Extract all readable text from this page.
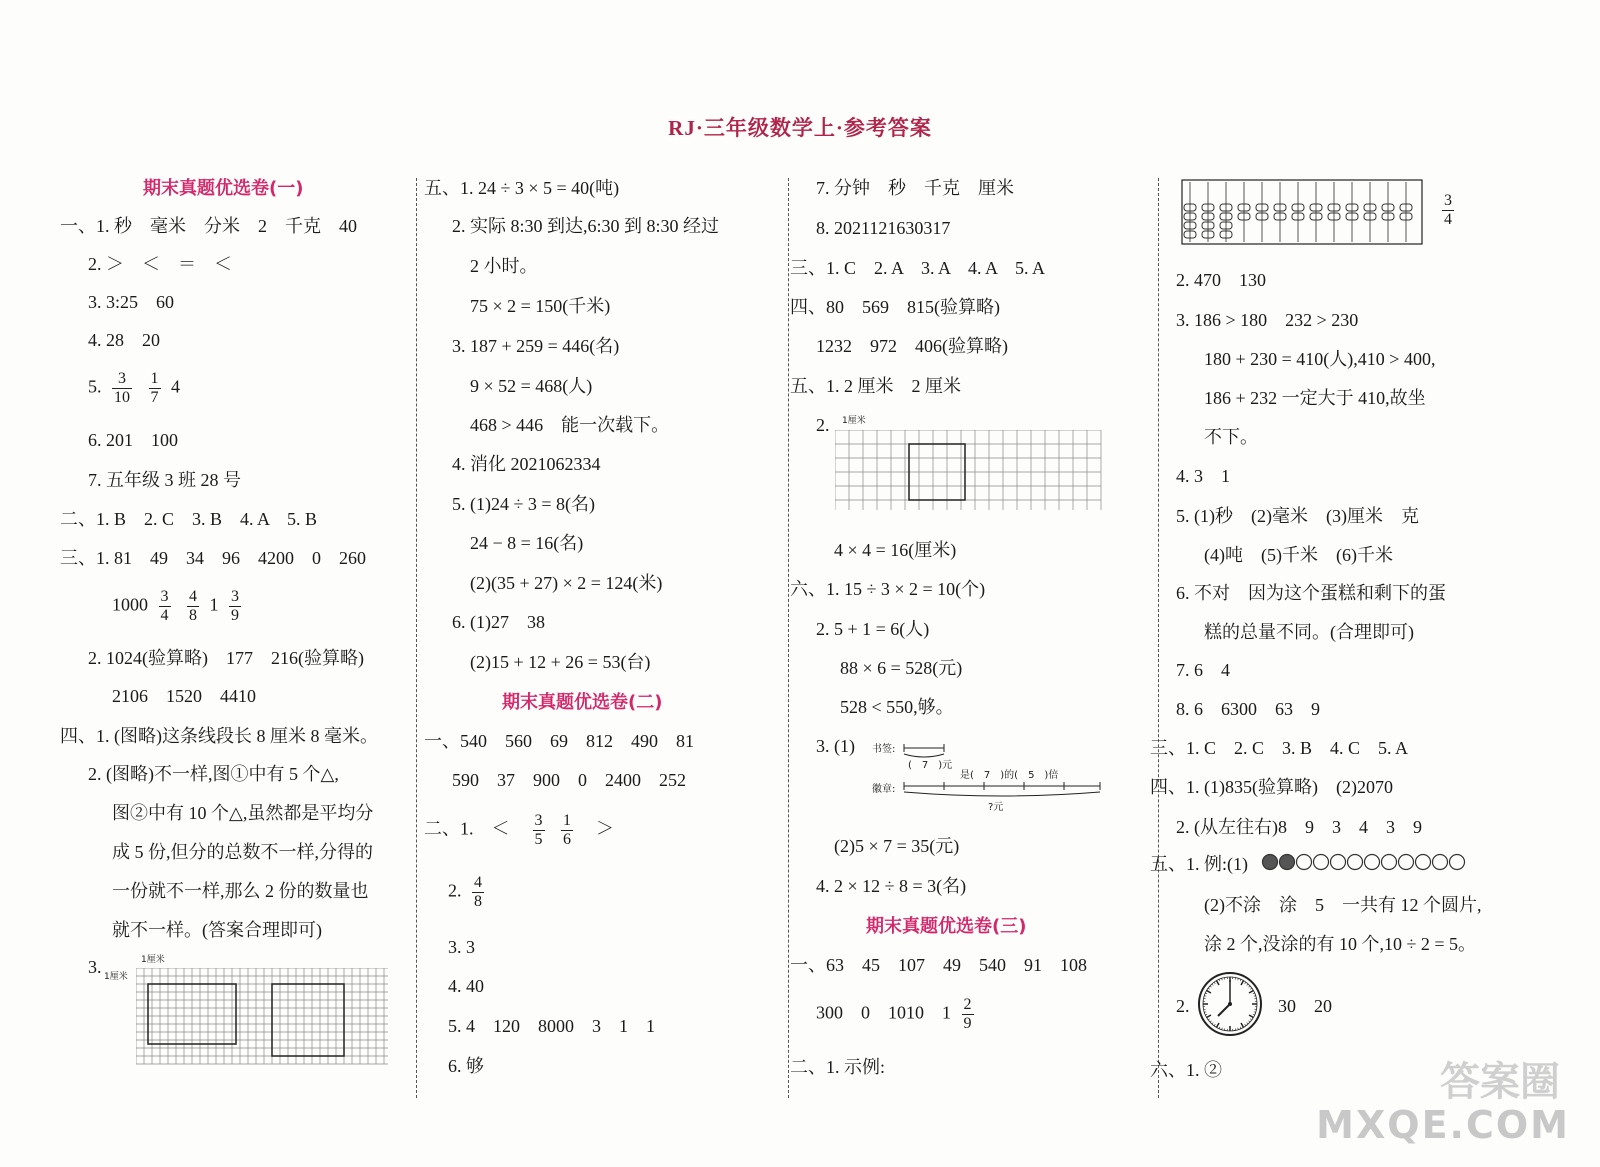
RJ·三年级数学上·参考答案
期末真题优选卷(一)
一、1. 秒　毫米　分米　2　千克　40
2. ＞　＜　＝　＜
3. 3:25　60
4. 28　20
5. $\frac{3}{10}$
$\frac{1}{7} 4$
6. 201　100
7. 五年级 3 班 28 号
二、1. B　2. C　3. B　4. A　5. B
三、1. 81　49　34　96　4200　0　260
$1000 \frac{3}{4}$
$\frac{4}{8} 1 \frac{3}{9}$
2. 1024(验算略)　177　216(验算略)
2106　1520　4410
四、1. (图略)这条线段长 8 厘米 8 毫米。
2. (图略)不一样,图①中有 5 个△,
图②中有 10 个△,虽然都是平均分
成 5 份,但分的总数不一样,分得的
一份就不一样,那么 2 份的数量也
就不一样。(答案合理即可)
3.	1厘米
1厘米
五、1. 24 ÷ 3 × 5 = 40(吨)
2. 实际 8:30 到达,6:30 到 8:30 经过
2 小时。
75 × 2 = 150(千米)
3. 187 + 259 = 446(名)
9 × 52 = 468(人)
468 > 446　能一次载下。
4. 消化 2021062334
5. (1)24 ÷ 3 = 8(名)
24 − 8 = 16(名)
(2)(35 + 27) × 2 = 124(米)
6. (1)27　38
(2)15 + 12 + 26 = 53(台)
期末真题优选卷(二)
一、540　560　69　812　490　81
590　37　900　0　2400　252
二、1.　＜ $\frac{3}{5}$
$\frac{1}{6}$ ＞
2. $\frac{4}{8}$
3. 3
4. 40
5. 4　120　8000　3　1　1
6. 够
7. 分钟　秒　千克　厘米
8. 2021121630317
三、1. C　2. A　3. A　4. A　5. A
四、80　569　815(验算略)
1232　972　406(验算略)
五、1. 2 厘米　2 厘米
2. 1厘米
4 × 4 = 16(厘米)
六、1. 15 ÷ 3 × 2 = 10(个)
2. 5 + 1 = 6(人)
88 × 6 = 528(元)
528 < 550,够。
3. (1) 书签:
(　7　)元
是(　7　)的(　5　)倍
徽章:
?元
(2)5 × 7 = 35(元)
4. 2 × 12 ÷ 8 = 3(名)
期末真题优选卷(三)
一、63　45　107　49　540　91　108
300　0　1010　$1 \frac{2}{9}$
二、1. 示例:
$\frac{3}{4}$
2. 470　130
3. 186 > 180　232 > 230
180 + 230 = 410(人),410 > 400,
186 + 232 一定大于 410,故坐
不下。
4. 3　1
5. (1)秒　(2)毫米　(3)厘米　克
(4)吨　(5)千米　(6)千米
6. 不对　因为这个蛋糕和剩下的蛋
糕的总量不同。(合理即可)
7. 6　4
8. 6　6300　63　9
三、1. C　2. C　3. B　4. C　5. A
四、1. (1)835(验算略)　(2)2070
2. (从左往右)8　9　3　4　3　9
五、1. 例:(1)
(2)不涂　涂　5　一共有 12 个圆片,
涂 2 个,没涂的有 10 个,10 ÷ 2 = 5。
2.	30　20
六、1. ②	答案圈
MXQE.COM
